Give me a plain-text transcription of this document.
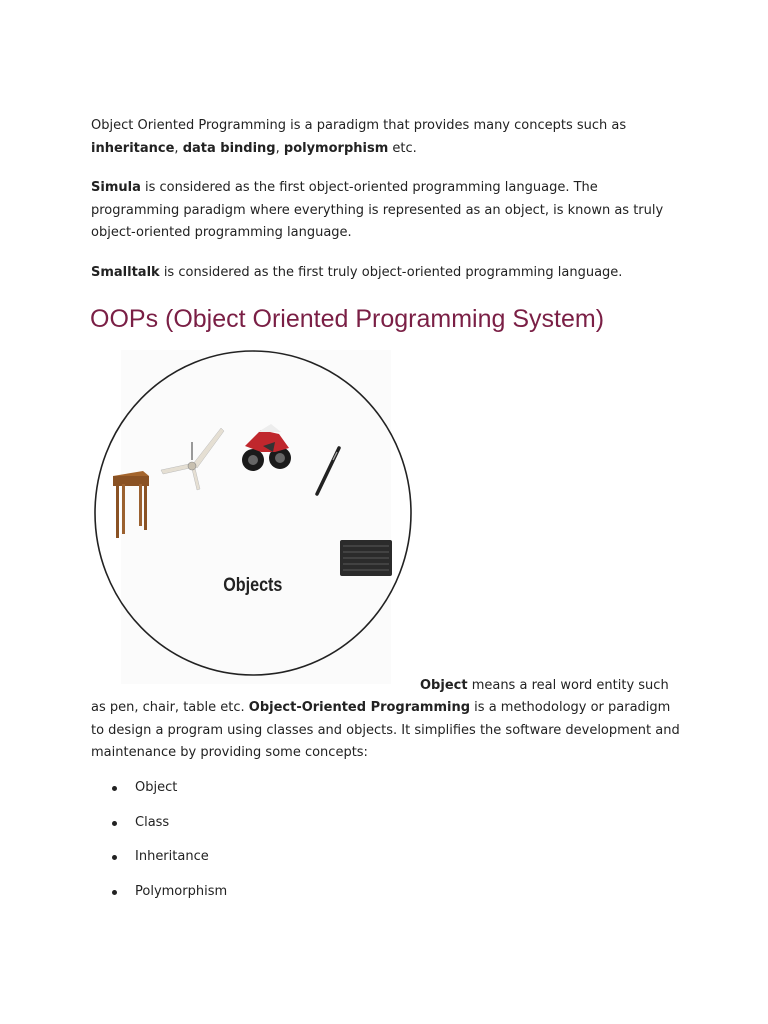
Object Oriented Programming is a paradigm that provides many concepts such as
inheritance, data binding, polymorphism etc.
Simula is considered as the first object-oriented programming language. The programming paradigm where everything is represented as an object, is known as truly object-oriented programming language.
Smalltalk is considered as the first truly object-oriented programming language.
OOPs (Object Oriented Programming System)
Objects
Object means a real word entity such
as pen, chair, table etc. Object-Oriented Programming is a methodology or paradigm to design a program using classes and objects. It simplifies the software development and maintenance by providing some concepts:
Object
Class
Inheritance
Polymorphism
